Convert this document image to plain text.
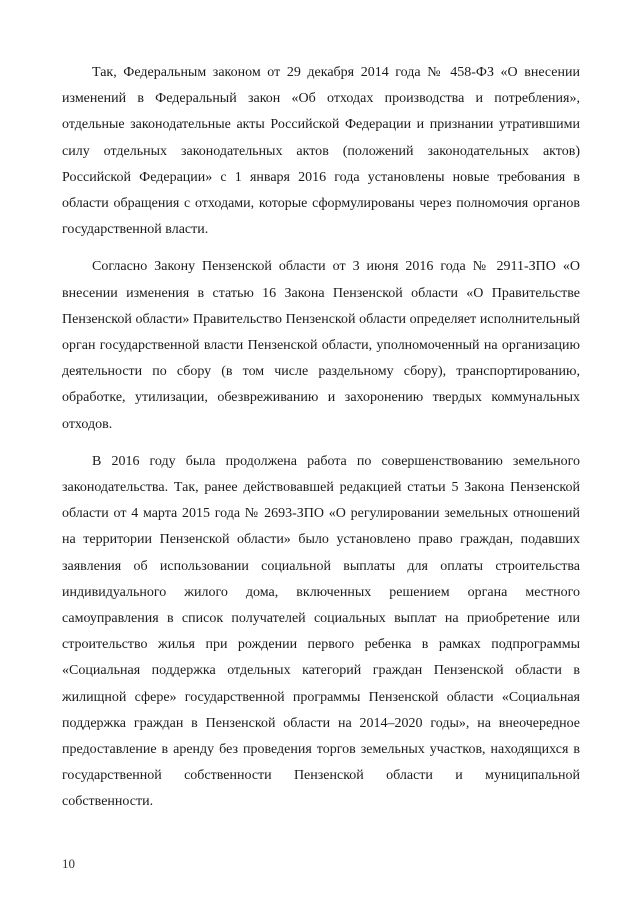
Так, Федеральным законом от 29 декабря 2014 года № 458-ФЗ «О внесении изменений в Федеральный закон «Об отходах производства и потребления», отдельные законодательные акты Российской Федерации и признании утратившими силу отдельных законодательных актов (положений законодательных актов) Российской Федерации» с 1 января 2016 года установлены новые требования в области обращения с отходами, которые сформулированы через полномочия органов государственной власти.

Согласно Закону Пензенской области от 3 июня 2016 года № 2911-ЗПО «О внесении изменения в статью 16 Закона Пензенской области «О Правительстве Пензенской области» Правительство Пензенской области определяет исполнительный орган государственной власти Пензенской области, уполномоченный на организацию деятельности по сбору (в том числе раздельному сбору), транспортированию, обработке, утилизации, обезвреживанию и захоронению твердых коммунальных отходов.

В 2016 году была продолжена работа по совершенствованию земельного законодательства. Так, ранее действовавшей редакцией статьи 5 Закона Пензенской области от 4 марта 2015 года № 2693-ЗПО «О регулировании земельных отношений на территории Пензенской области» было установлено право граждан, подавших заявления об использовании социальной выплаты для оплаты строительства индивидуального жилого дома, включенных решением органа местного самоуправления в список получателей социальных выплат на приобретение или строительство жилья при рождении первого ребенка в рамках подпрограммы «Социальная поддержка отдельных категорий граждан Пензенской области в жилищной сфере» государственной программы Пензенской области «Социальная поддержка граждан в Пензенской области на 2014–2020 годы», на внеочередное предоставление в аренду без проведения торгов земельных участков, находящихся в государственной собственности Пензенской области и муниципальной собственности.

10
